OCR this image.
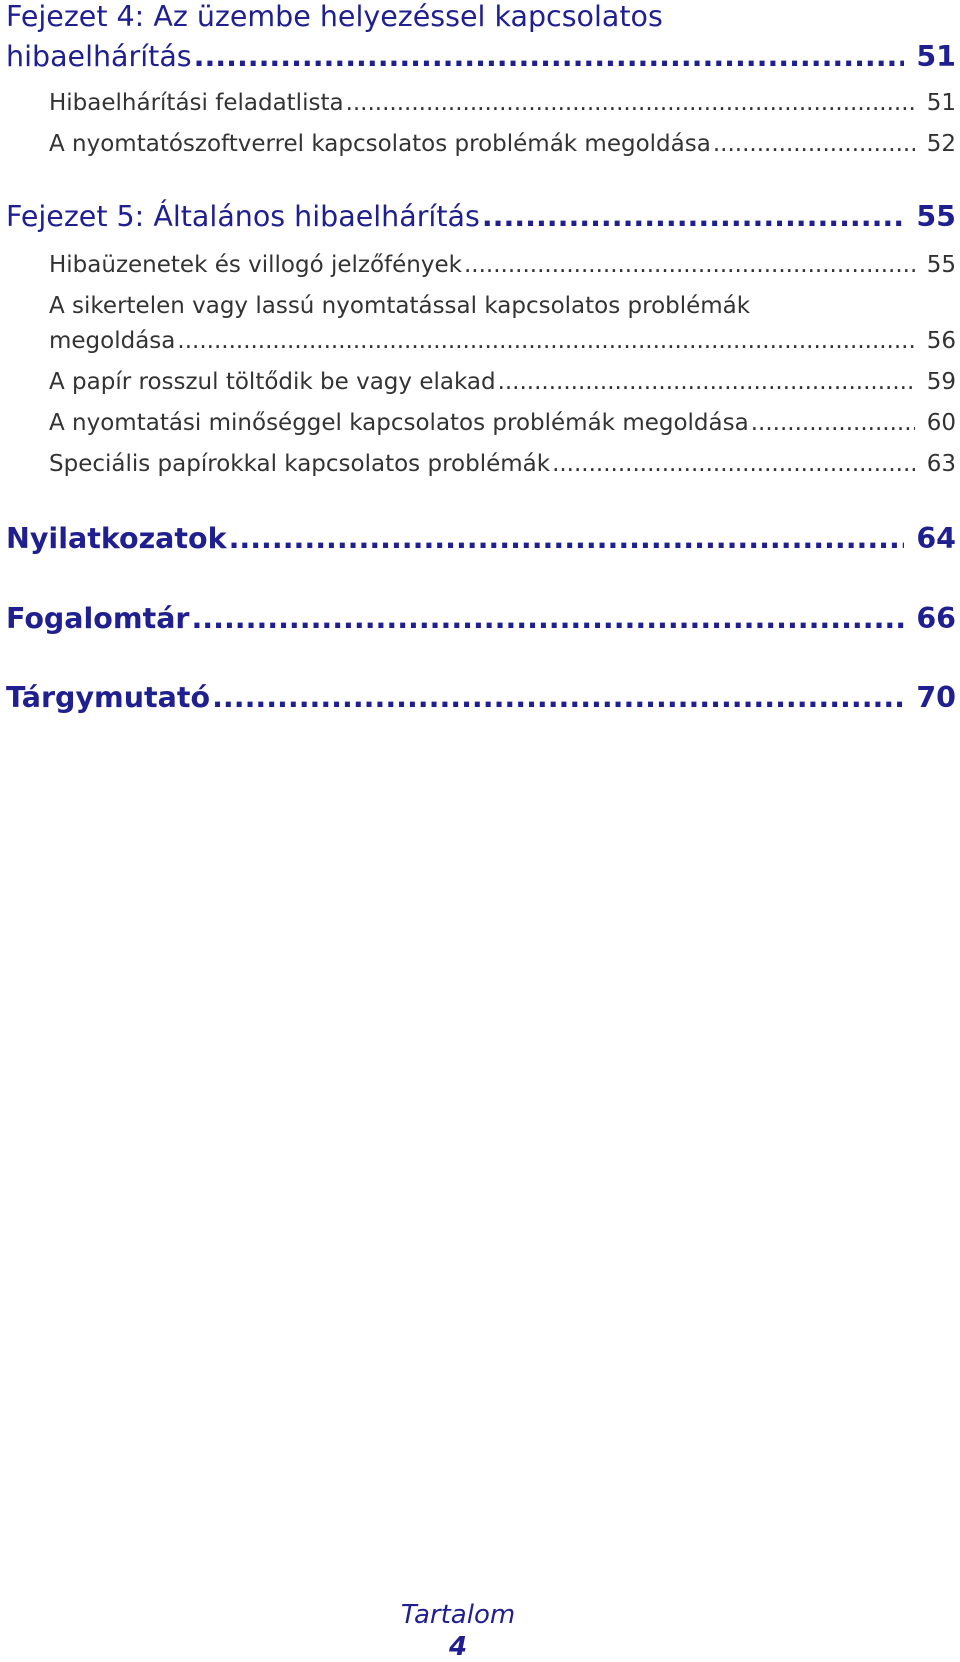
Fejezet 4: Az üzembe helyezéssel kapcsolatos
hibaelhárítás .....	51
Hibaelhárítási feladatlista .....	51
A nyomtatószoftverrel kapcsolatos problémák megoldása .....	52
Fejezet 5: Általános hibaelhárítás .....	55
Hibaüzenetek és villogó jelzőfények .....	55
A sikertelen vagy lassú nyomtatással kapcsolatos problémák
megoldása .....	56
A papír rosszul töltődik be vagy elakad .....	59
A nyomtatási minőséggel kapcsolatos problémák megoldása .....	60
Speciális papírokkal kapcsolatos problémák .....	63
Nyilatkozatok .....	64
Fogalomtár .....	66
Tárgymutató .....	70
Tartalom
4
